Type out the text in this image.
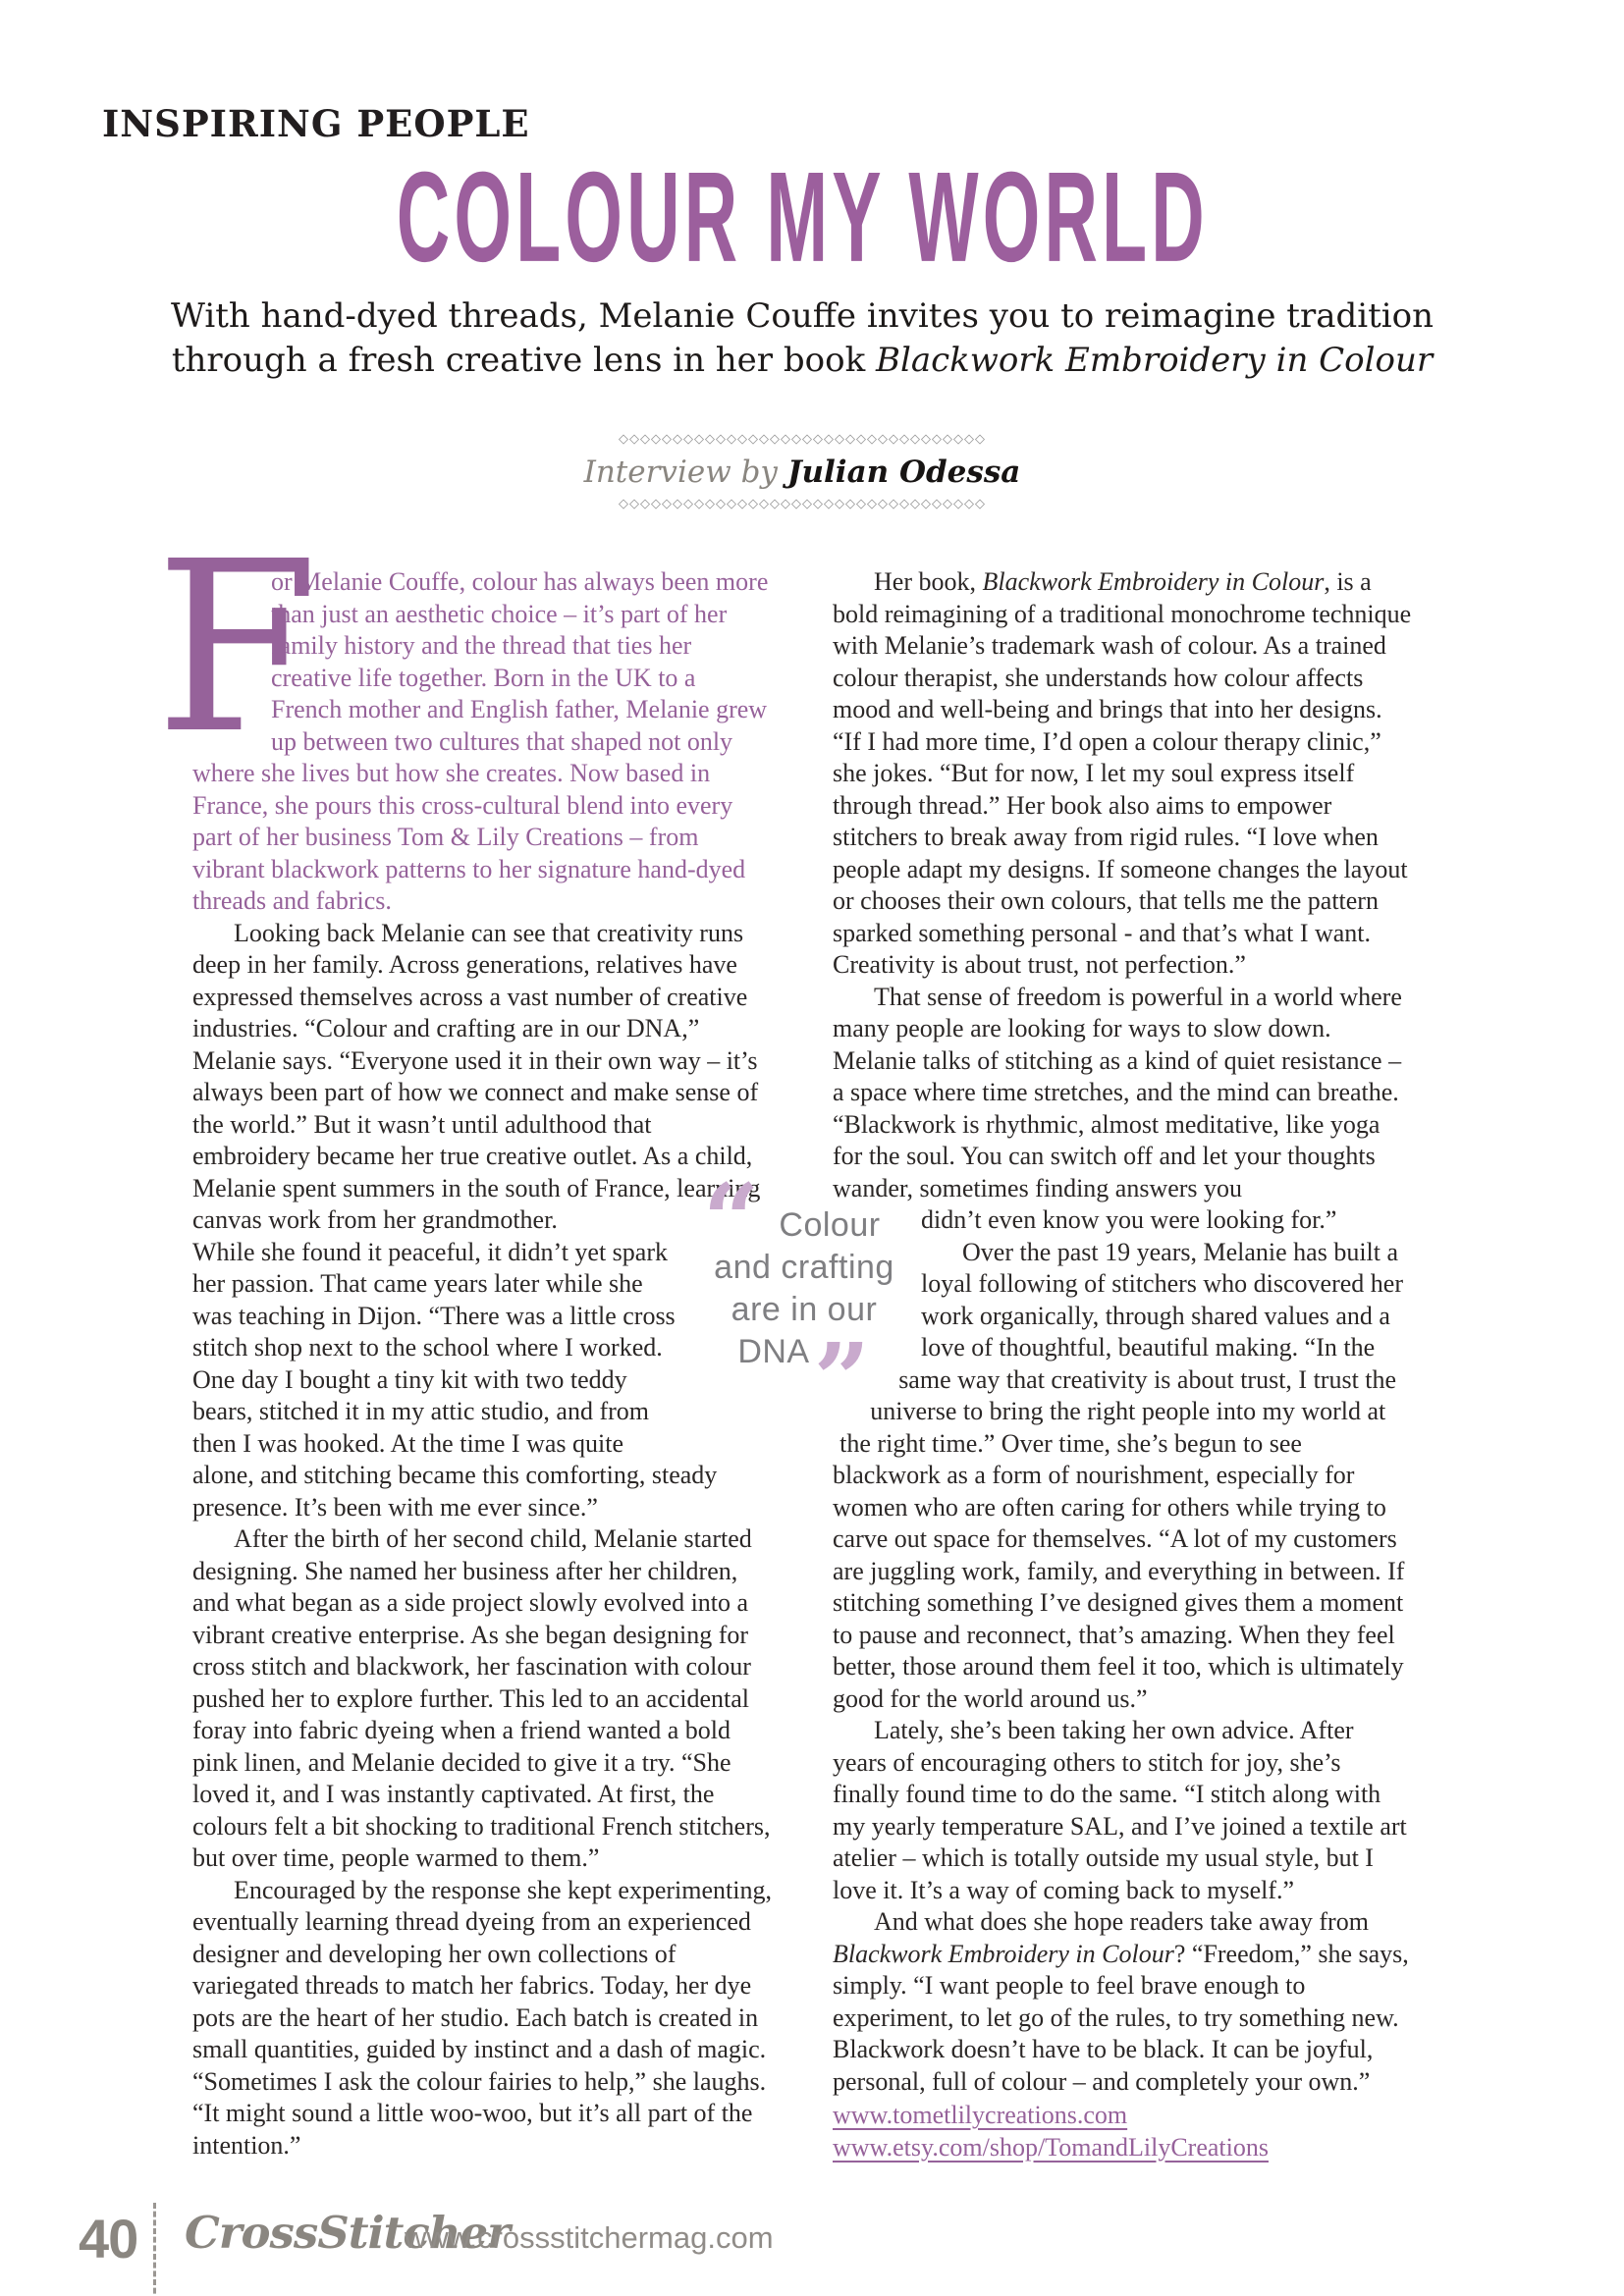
INSPIRING PEOPLE
COLOUR MY WORLD
With hand-dyed threads, Melanie Couffe invites you to reimagine tradition
through a fresh creative lens in her book Blackwork Embroidery in Colour
◇◇◇◇◇◇◇◇◇◇◇◇◇◇◇◇◇◇◇◇◇◇◇◇◇◇◇◇◇◇◇◇◇◇
Interview by Julian Odessa
◇◇◇◇◇◇◇◇◇◇◇◇◇◇◇◇◇◇◇◇◇◇◇◇◇◇◇◇◇◇◇◇◇◇

F
or Melanie Couffe, colour has always been more than just an aesthetic choice – it’s part of her family history and the thread that ties her creative life together. Born in the UK to a French mother and English father, Melanie grew up between two cultures that shaped not only where she lives but how she creates. Now based in France, she pours this cross-cultural blend into every part of her business Tom & Lily Creations – from vibrant blackwork patterns to her signature hand-dyed threads and fabrics.

Looking back Melanie can see that creativity runs deep in her family. Across generations, relatives have expressed themselves across a vast number of creative industries. “Colour and crafting are in our DNA,” Melanie says. “Everyone used it in their own way – it’s always been part of how we connect and make sense of the world.” But it wasn’t until adulthood that embroidery became her true creative outlet. As a child, Melanie spent summers in the south of France, learning canvas work from her grandmother.

While she found it peaceful, it didn’t yet spark her passion. That came years later while she was teaching in Dijon. “There was a little cross stitch shop next to the school where I worked. One day I bought a tiny kit with two teddy bears, stitched it in my attic studio, and from then I was hooked. At the time I was quite alone, and stitching became this comforting, steady presence. It’s been with me ever since.”

After the birth of her second child, Melanie started designing. She named her business after her children, and what began as a side project slowly evolved into a vibrant creative enterprise. As she began designing for cross stitch and blackwork, her fascination with colour pushed her to explore further. This led to an accidental foray into fabric dyeing when a friend wanted a bold pink linen, and Melanie decided to give it a try. “She loved it, and I was instantly captivated. At first, the colours felt a bit shocking to traditional French stitchers, but over time, people warmed to them.”

Encouraged by the response she kept experimenting, eventually learning thread dyeing from an experienced designer and developing her own collections of variegated threads to match her fabrics. Today, her dye pots are the heart of her studio. Each batch is created in small quantities, guided by instinct and a dash of magic. “Sometimes I ask the colour fairies to help,” she laughs. “It might sound a little woo-woo, but it’s all part of the intention.”

Her book, Blackwork Embroidery in Colour, is a bold reimagining of a traditional monochrome technique with Melanie’s trademark wash of colour. As a trained colour therapist, she understands how colour affects mood and well-being and brings that into her designs. “If I had more time, I’d open a colour therapy clinic,” she jokes. “But for now, I let my soul express itself through thread.” Her book also aims to empower stitchers to break away from rigid rules. “I love when people adapt my designs. If someone changes the layout or chooses their own colours, that tells me the pattern sparked something personal - and that’s what I want. Creativity is about trust, not perfection.”

That sense of freedom is powerful in a world where many people are looking for ways to slow down. Melanie talks of stitching as a kind of quiet resistance – a space where time stretches, and the mind can breathe. “Blackwork is rhythmic, almost meditative, like yoga for the soul. You can switch off and let your thoughts wander, sometimes finding answers you

didn’t even know you were looking for.”

Over the past 19 years, Melanie has built a loyal following of stitchers who discovered her work organically, through shared values and a love of thoughtful, beautiful making. “In the same way that creativity is about trust, I trust the universe to bring the right people into my world at the right time.” Over time, she’s begun to see blackwork as a form of nourishment, especially for women who are often caring for others while trying to carve out space for themselves. “A lot of my customers are juggling work, family, and everything in between. If stitching something I’ve designed gives them a moment to pause and reconnect, that’s amazing. When they feel better, those around them feel it too, which is ultimately good for the world around us.”

Lately, she’s been taking her own advice. After years of encouraging others to stitch for joy, she’s finally found time to do the same. “I stitch along with my yearly temperature SAL, and I’ve joined a textile art atelier – which is totally outside my usual style, but I love it. It’s a way of coming back to myself.”

And what does she hope readers take away from Blackwork Embroidery in Colour? “Freedom,” she says, simply. “I want people to feel brave enough to experiment, to let go of the rules, to try something new. Blackwork doesn’t have to be black. It can be joyful, personal, full of colour – and completely your own.”

www.tometlilycreations.com
www.etsy.com/shop/TomandLilyCreations
“ Colour
and crafting
are in our
DNA”
40 CrossStitcher
www.crossstitchermag.com
